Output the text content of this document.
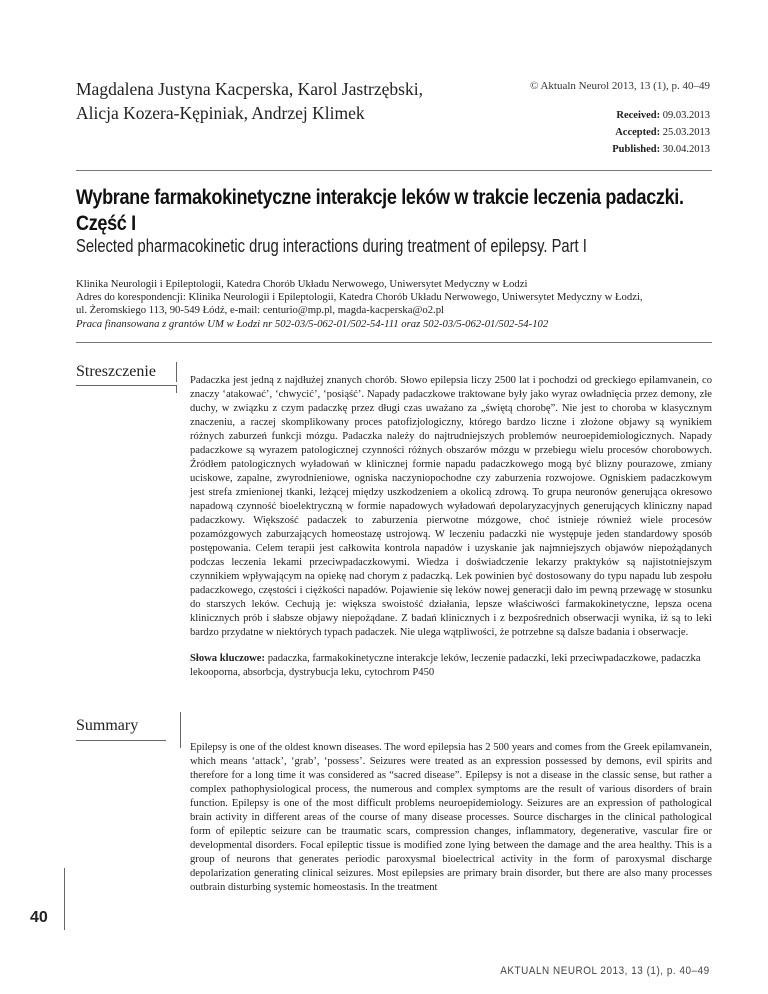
Magdalena Justyna Kacperska, Karol Jastrzębski,
Alicja Kozera-Kępiniak, Andrzej Klimek
© Aktualn Neurol 2013, 13 (1), p. 40–49
Received: 09.03.2013
Accepted: 25.03.2013
Published: 30.04.2013
Wybrane farmakokinetyczne interakcje leków w trakcie leczenia padaczki. Część I
Selected pharmacokinetic drug interactions during treatment of epilepsy. Part I
Klinika Neurologii i Epileptologii, Katedra Chorób Układu Nerwowego, Uniwersytet Medyczny w Łodzi
Adres do korespondencji: Klinika Neurologii i Epileptologii, Katedra Chorób Układu Nerwowego, Uniwersytet Medyczny w Łodzi,
ul. Żeromskiego 113, 90-549 Łódź, e-mail: centurio@mp.pl, magda-kacperska@o2.pl
Praca finansowana z grantów UM w Łodzi nr 502-03/5-062-01/502-54-111 oraz 502-03/5-062-01/502-54-102
Streszczenie
Padaczka jest jedną z najdłużej znanych chorób. Słowo epilepsia liczy 2500 lat i pochodzi od greckiego epilamvanein, co znaczy ‘atakować’, ‘chwycić’, ‘posiąść’. Napady padaczkowe traktowane były jako wyraz owładnięcia przez demony, złe duchy, w związku z czym padaczkę przez długi czas uważano za „świętą chorobę”. Nie jest to choroba w klasycznym znaczeniu, a raczej skomplikowany proces patofizjologiczny, którego bardzo liczne i złożone objawy są wynikiem różnych zaburzeń funkcji mózgu. Padaczka należy do najtrudniejszych problemów neuroepidemiologicznych. Napady padaczkowe są wyrazem patologicznej czynności różnych obszarów mózgu w przebiegu wielu procesów chorobowych. Źródłem patologicznych wyładowań w klinicznej formie napadu padaczkowego mogą być blizny pourazowe, zmiany uciskowe, zapalne, zwyrodnieniowe, ogniska naczyniopochodne czy zaburzenia rozwojowe. Ogniskiem padaczkowym jest strefa zmienionej tkanki, leżącej między uszkodzeniem a okolicą zdrową. To grupa neuronów generująca okresowo napadową czynność bioelektryczną w formie napadowych wyładowań depolaryzacyjnych generujących kliniczny napad padaczkowy. Większość padaczek to zaburzenia pierwotne mózgowe, choć istnieje również wiele procesów pozamózgowych zaburzających homeostazę ustrojową. W leczeniu padaczki nie występuje jeden standardowy sposób postępowania. Celem terapii jest całkowita kontrola napadów i uzyskanie jak najmniejszych objawów niepożądanych podczas leczenia lekami przeciwpadaczkowymi. Wiedza i doświadczenie lekarzy praktyków są najistotniejszym czynnikiem wpływającym na opiekę nad chorym z padaczką. Lek powinien być dostosowany do typu napadu lub zespołu padaczkowego, częstości i ciężkości napadów. Pojawienie się leków nowej generacji dało im pewną przewagę w stosunku do starszych leków. Cechują je: większa swoistość działania, lepsze właściwości farmakokinetyczne, lepsza ocena klinicznych prób i słabsze objawy niepożądane. Z badań klinicznych i z bezpośrednich obserwacji wynika, iż są to leki bardzo przydatne w niektórych typach padaczek. Nie ulega wątpliwości, że potrzebne są dalsze badania i obserwacje.
Słowa kluczowe: padaczka, farmakokinetyczne interakcje leków, leczenie padaczki, leki przeciwpadaczkowe, padaczka lekooporna, absorbcja, dystrybucja leku, cytochrom P450
Summary
Epilepsy is one of the oldest known diseases. The word epilepsia has 2 500 years and comes from the Greek epilamvanein, which means ‘attack’, ‘grab’, ‘possess’. Seizures were treated as an expression possessed by demons, evil spirits and therefore for a long time it was considered as “sacred disease”. Epilepsy is not a disease in the classic sense, but rather a complex pathophysiological process, the numerous and complex symptoms are the result of various disorders of brain function. Epilepsy is one of the most difficult problems neuroepidemiology. Seizures are an expression of pathological brain activity in different areas of the course of many disease processes. Source discharges in the clinical pathological form of epileptic seizure can be traumatic scars, compression changes, inflammatory, degenerative, vascular fire or developmental disorders. Focal epileptic tissue is modified zone lying between the damage and the area healthy. This is a group of neurons that generates periodic paroxysmal bioelectrical activity in the form of paroxysmal discharge depolarization generating clinical seizures. Most epilepsies are primary brain disorder, but there are also many processes outbrain disturbing systemic homeostasis. In the treatment
40
AKTUALN NEUROL 2013, 13 (1), p. 40–49
